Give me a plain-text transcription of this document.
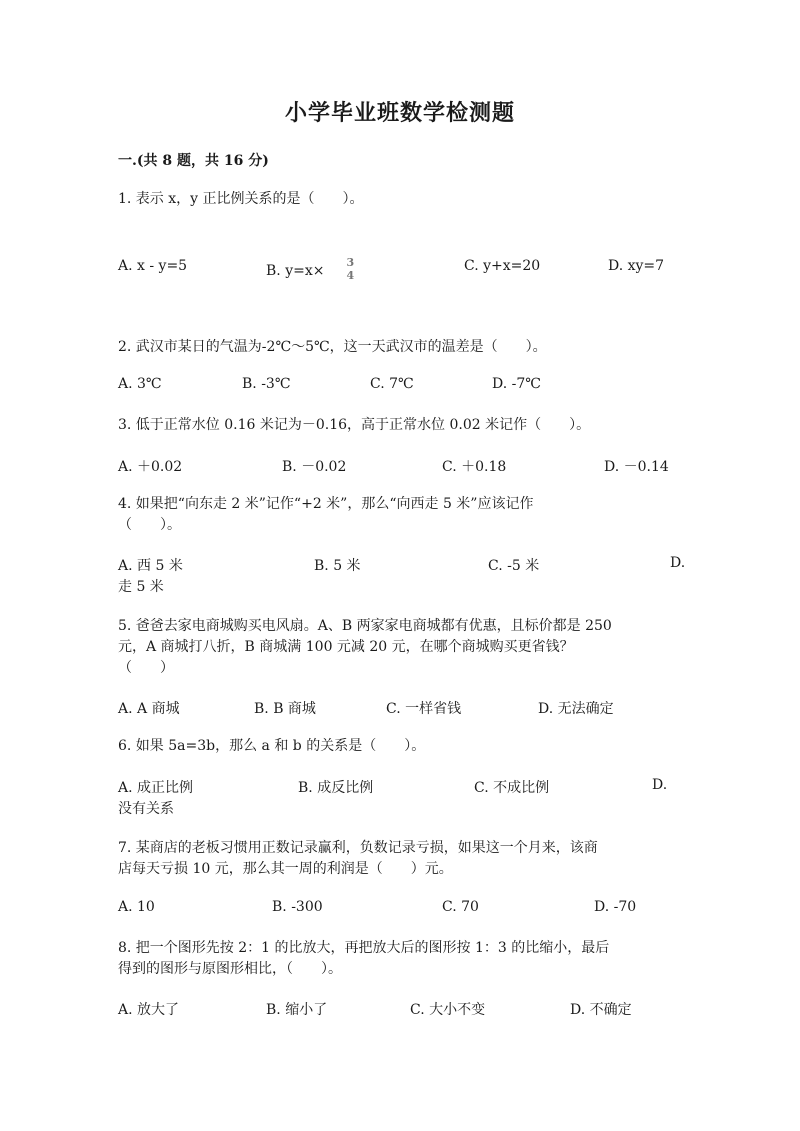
小学毕业班数学检测题
一.(共 8 题，共 16 分)
1. 表示 x，y 正比例关系的是（　　）。
A. x - y=5	B. y=x×
3
4
C. y+x=20	D. xy=7
2. 武汉市某日的气温为-2℃～5℃，这一天武汉市的温差是（　　）。
A. 3℃	B. -3℃	C. 7℃	D. -7℃
3. 低于正常水位 0.16 米记为－0.16，高于正常水位 0.02 米记作（　　）。
A. ＋0.02	B. －0.02	C. ＋0.18	D. －0.14
4. 如果把“向东走 2 米”记作“+2 米”，那么“向西走 5 米”应该记作
（　　）。
A. 西 5 米	B. 5 米	C. -5 米	D.
走 5 米
5. 爸爸去家电商城购买电风扇。A、B 两家家电商城都有优惠，且标价都是 250
元，A 商城打八折，B 商城满 100 元减 20 元，在哪个商城购买更省钱？
（　　）
A. A 商城	B. B 商城	C. 一样省钱	D. 无法确定
6. 如果 5a=3b，那么 a 和 b 的关系是（　　）。
A. 成正比例	B. 成反比例	C. 不成比例	D.
没有关系
7. 某商店的老板习惯用正数记录赢利，负数记录亏损，如果这一个月来，该商
店每天亏损 10 元，那么其一周的利润是（　　）元。
A. 10	B. -300	C. 70	D. -70
8. 把一个图形先按 2：1 的比放大，再把放大后的图形按 1：3 的比缩小，最后
得到的图形与原图形相比，（　　）。
A. 放大了	B. 缩小了	C. 大小不变	D. 不确定
